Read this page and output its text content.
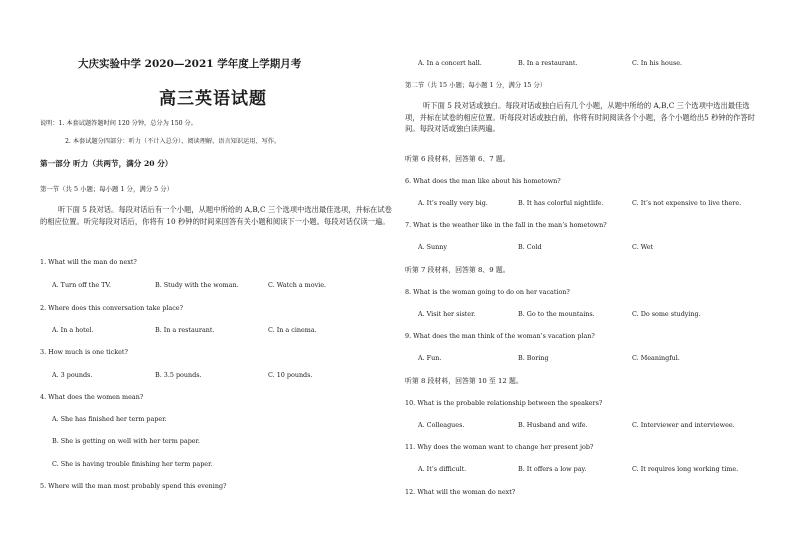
大庆实验中学 2020—2021 学年度上学期月考
高三英语试题
说明：1. 本套试题答题时间 120 分钟，总分为 150 分。
2. 本套试题分四部分：听力（不计入总分）、阅读理解、语言知识运用、写作。
第一部分 听力（共两节，满分 20 分）
第一节（共 5 小题；每小题 1 分，满分 5 分）
听下面 5 段对话。每段对话后有一个小题，从题中所给的 A,B,C 三个选项中选出最佳选项，并标在试卷的相应位置。听完每段对话后，你将有 10 秒钟的时间来回答有关小题和阅读下一小题。每段对话仅读一遍。
1. What will the man do next?
A. Turn off the TV.	B. Study with the woman.	C. Watch a movie.
2. Where does this conversation take place?
A. In a hotel.	B. In a restaurant.	C. In a cinema.
3. How much is one ticket?
A. 3 pounds.	B. 3.5 pounds.	C. 10 pounds.
4. What does the women mean?
A. She has finished her term paper.
B. She is getting on well with her term paper.
C. She is having trouble finishing her term paper.
5. Where will the man most probably spend this evening?
A. In a concert hall.	B. In a restaurant.	C. In his house.
第二节（共 15 小题；每小题 1 分，满分 15 分）
听下面 5 段对话或独白。每段对话或独白后有几个小题，从题中所给的 A,B,C 三个选项中选出最佳选项，并标在试卷的相应位置。听每段对话或独白前，你将有时间阅读各个小题，各个小题给出5 秒钟的作答时间。每段对话或独白读两遍。
听第 6 段材料，回答第 6、7 题。
6. What does the man like about his hometown?
A. It’s really very big.	B. It has colorful nightlife.	C. It’s not expensive to live there.
7. What is the weather like in the fall in the man’s hometown?
A. Sunny	B. Cold	C. Wet
听第 7 段材料，回答第 8、9 题。
8. What is the woman going to do on her vacation?
A. Visit her sister.	B. Go to the mountains.	C. Do some studying.
9. What does the man think of the woman’s vacation plan?
A. Fun.	B. Boring	C. Meaningful.
听第 8 段材料，回答第 10 至 12 题。
10. What is the probable relationship between the speakers?
A. Colleagues.	B. Husband and wife.	C. Interviewer and interviewee.
11. Why does the woman want to change her present job?
A. It’s difficult.	B. It offers a low pay.	C. It requires long working time.
12. What will the woman do next?
